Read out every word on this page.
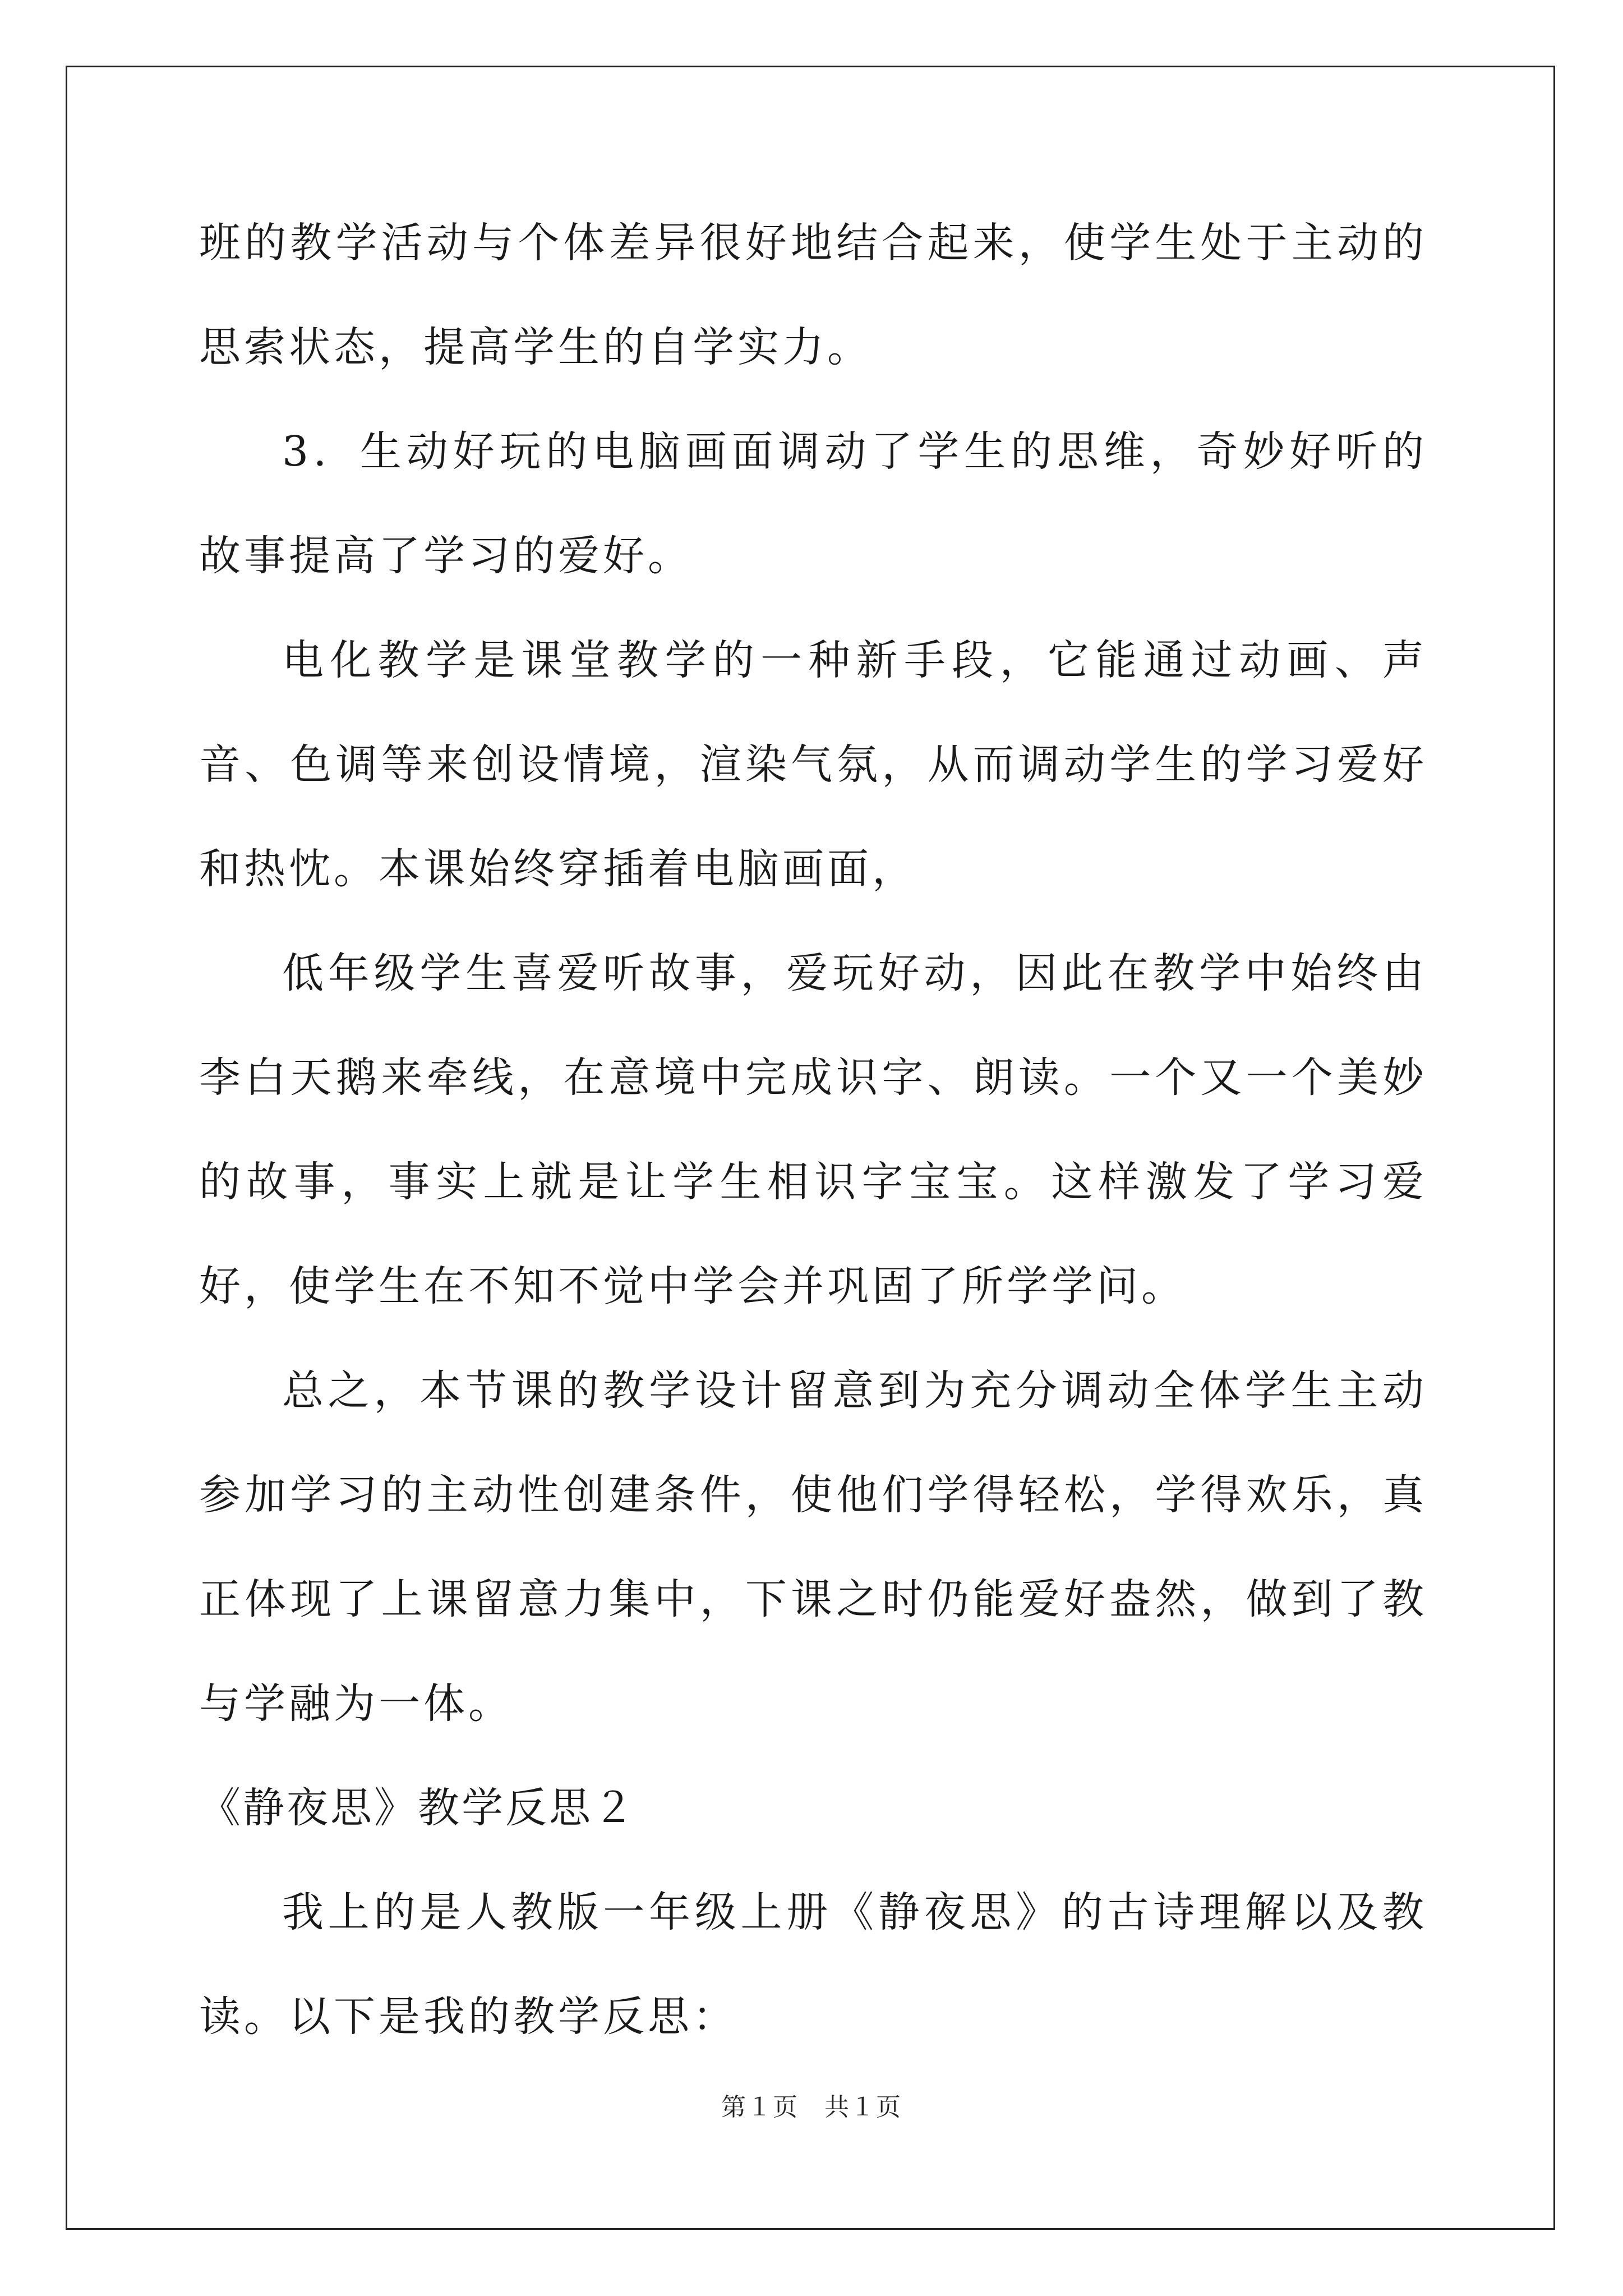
班的教学活动与个体差异很好地结合起来，使学生处于主动的思索状态，提高学生的自学实力。

3．生动好玩的电脑画面调动了学生的思维，奇妙好听的故事提高了学习的爱好。

电化教学是课堂教学的一种新手段，它能通过动画、声音、色调等来创设情境，渲染气氛，从而调动学生的学习爱好和热忱。本课始终穿插着电脑画面，

低年级学生喜爱听故事，爱玩好动，因此在教学中始终由李白天鹅来牵线，在意境中完成识字、朗读。一个又一个美妙的故事，事实上就是让学生相识字宝宝。这样激发了学习爱好，使学生在不知不觉中学会并巩固了所学学问。

总之，本节课的教学设计留意到为充分调动全体学生主动参加学习的主动性创建条件，使他们学得轻松，学得欢乐，真正体现了上课留意力集中，下课之时仍能爱好盎然，做到了教与学融为一体。

《静夜思》教学反思２

我上的是人教版一年级上册《静夜思》的古诗理解以及教读。以下是我的教学反思：

第１页 共１页
